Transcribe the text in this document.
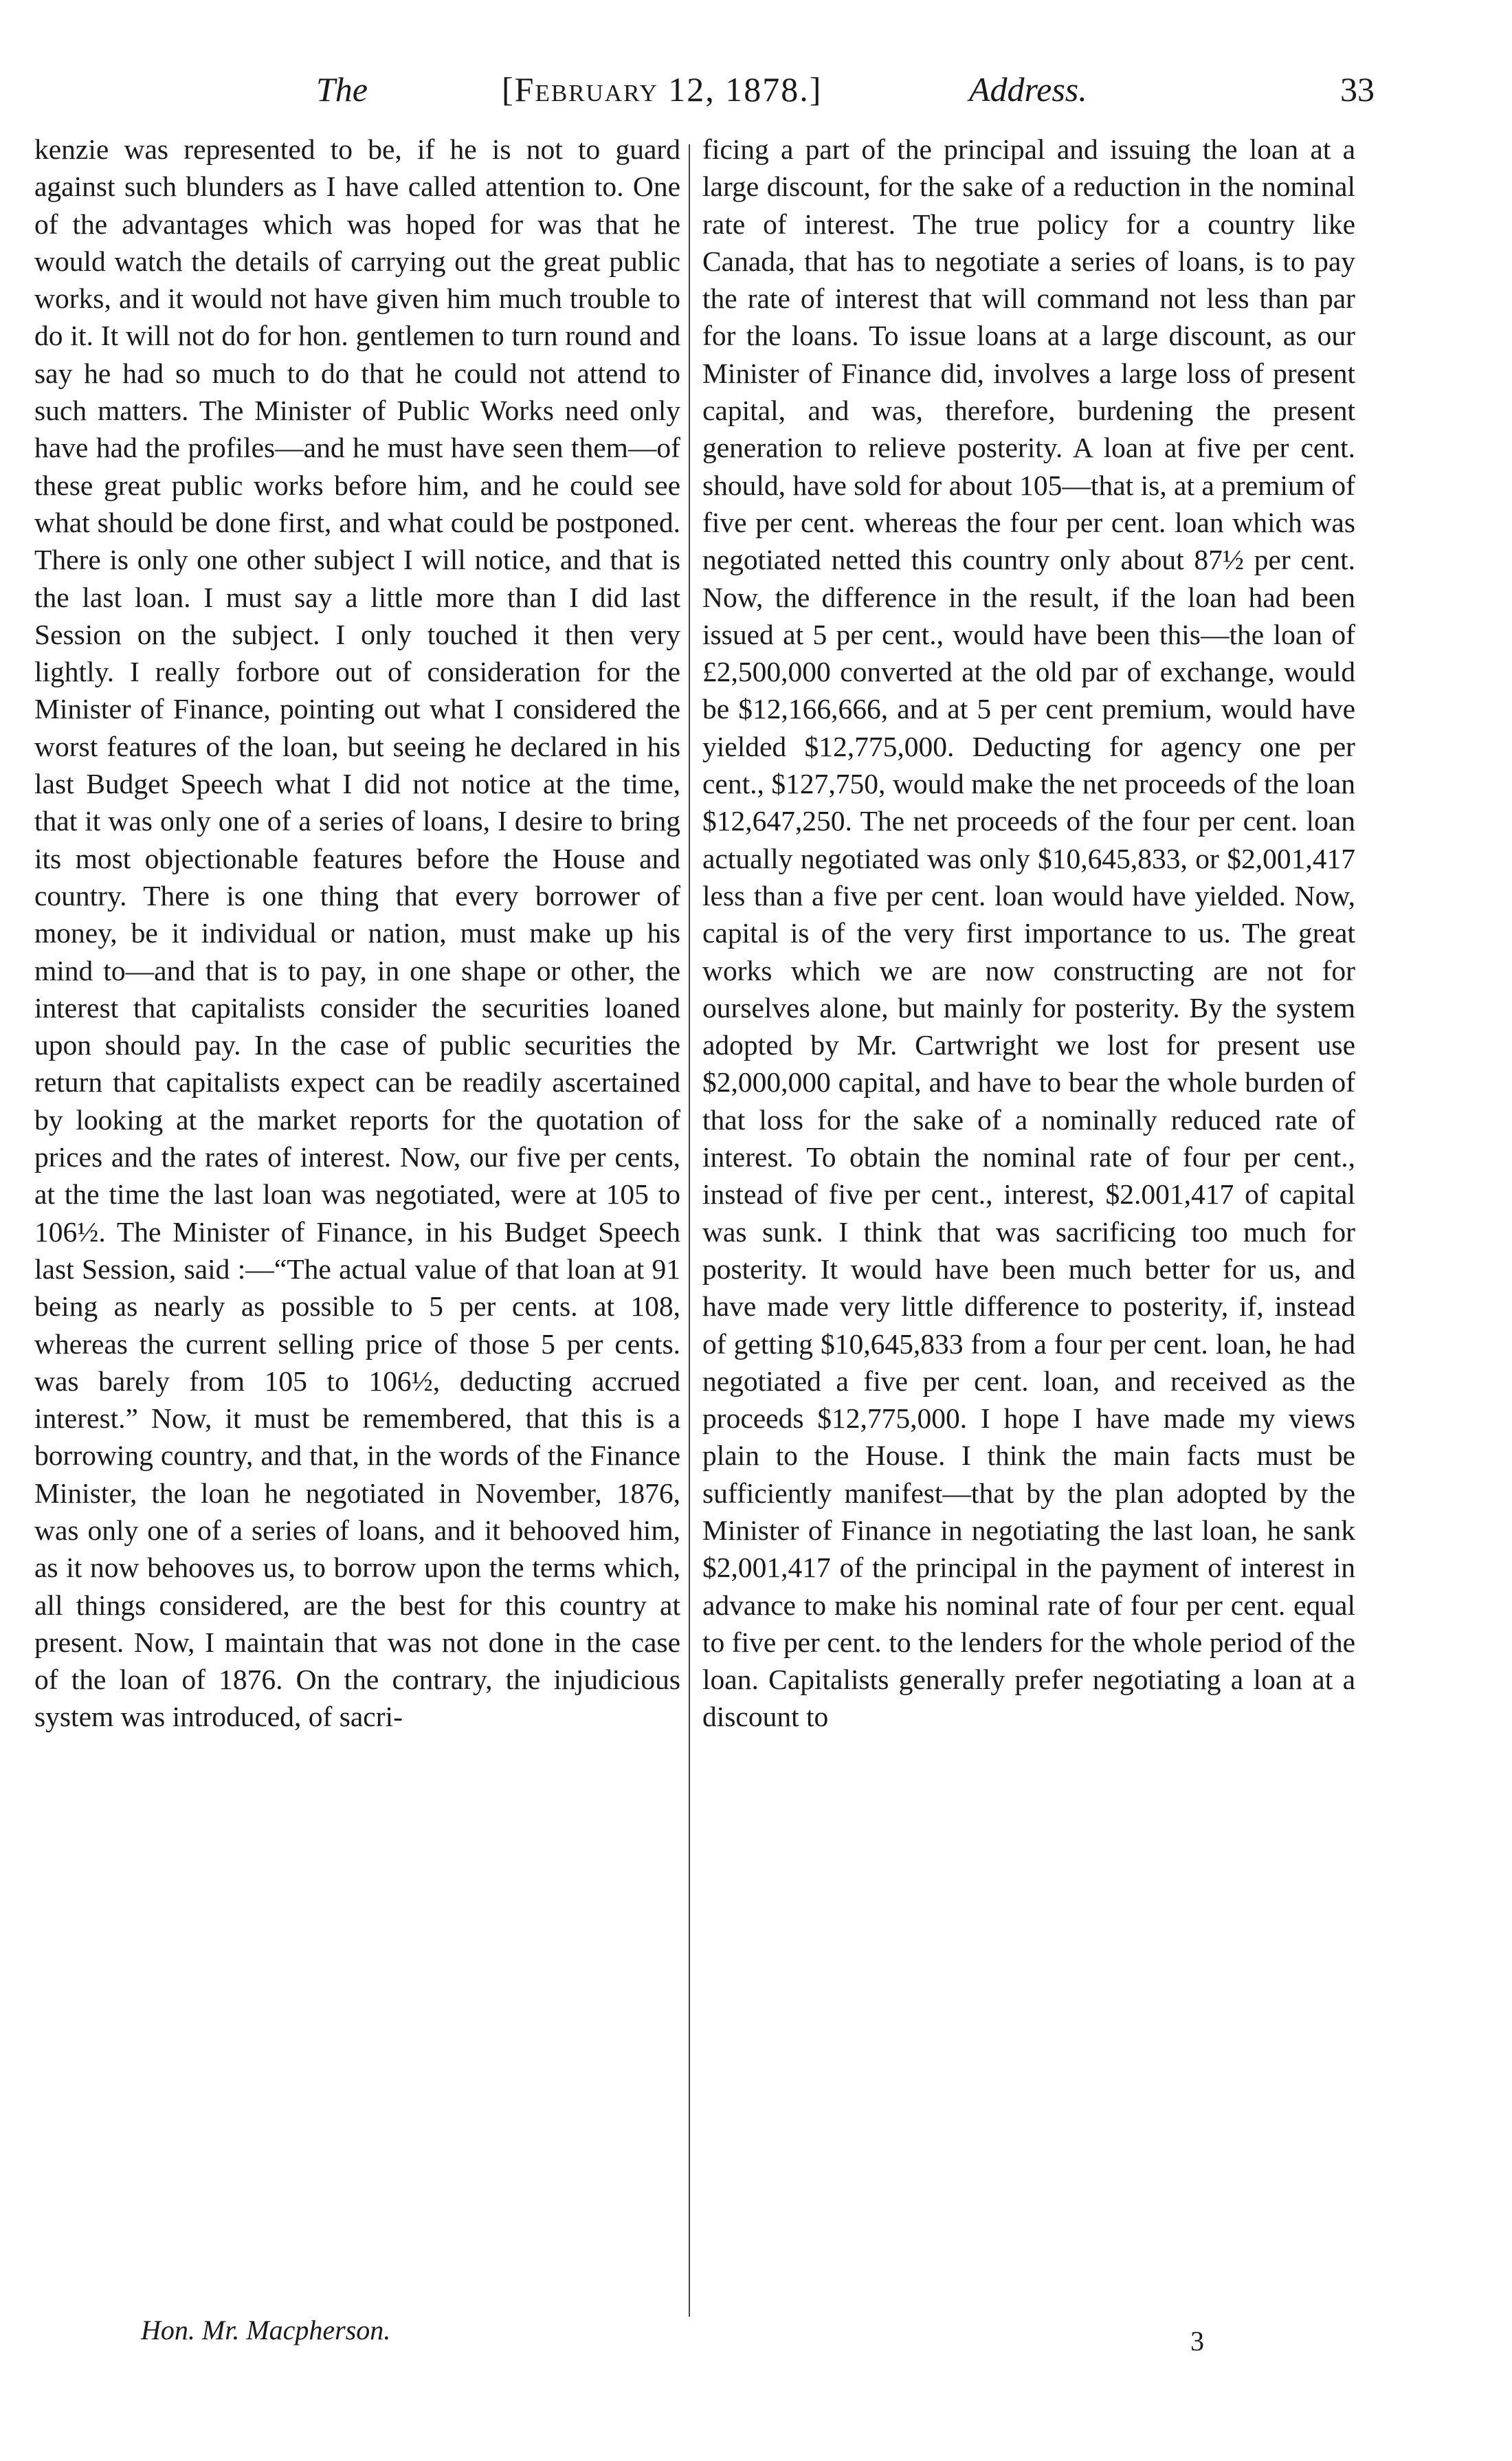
The	[February 12, 1878.]	Address.	33

kenzie was represented to be, if he is not to guard against such blunders as I have called attention to. One of the advantages which was hoped for was that he would watch the details of carrying out the great public works, and it would not have given him much trouble to do it. It will not do for hon. gentlemen to turn round and say he had so much to do that he could not attend to such matters. The Minister of Public Works need only have had the profiles—and he must have seen them—of these great public works before him, and he could see what should be done first, and what could be postponed. There is only one other subject I will notice, and that is the last loan. I must say a little more than I did last Session on the subject. I only touched it then very lightly. I really forbore out of consideration for the Minister of Finance, pointing out what I considered the worst features of the loan, but seeing he declared in his last Budget Speech what I did not notice at the time, that it was only one of a series of loans, I desire to bring its most objectionable features before the House and country. There is one thing that every borrower of money, be it individual or nation, must make up his mind to—and that is to pay, in one shape or other, the interest that capitalists consider the securities loaned upon should pay. In the case of public securities the return that capitalists expect can be readily ascertained by looking at the market reports for the quotation of prices and the rates of interest. Now, our five per cents, at the time the last loan was negotiated, were at 105 to 106½. The Minister of Finance, in his Budget Speech last Session, said :—“The actual value of that loan at 91 being as nearly as possible to 5 per cents. at 108, whereas the current selling price of those 5 per cents. was barely from 105 to 106½, deducting accrued interest.” Now, it must be remembered, that this is a borrowing country, and that, in the words of the Finance Minister, the loan he negotiated in November, 1876, was only one of a series of loans, and it behooved him, as it now behooves us, to borrow upon the terms which, all things considered, are the best for this country at present. Now, I maintain that was not done in the case of the loan of 1876. On the contrary, the injudicious system was introduced, of sacri-

ficing a part of the principal and issuing the loan at a large discount, for the sake of a reduction in the nominal rate of interest. The true policy for a country like Canada, that has to negotiate a series of loans, is to pay the rate of interest that will command not less than par for the loans. To issue loans at a large discount, as our Minister of Finance did, involves a large loss of present capital, and was, therefore, burdening the present generation to relieve posterity. A loan at five per cent. should, have sold for about 105—that is, at a premium of five per cent. whereas the four per cent. loan which was negotiated netted this country only about 87½ per cent. Now, the difference in the result, if the loan had been issued at 5 per cent., would have been this—the loan of £2,500,000 converted at the old par of exchange, would be $12,166,666, and at 5 per cent premium, would have yielded $12,775,000. Deducting for agency one per cent., $127,750, would make the net proceeds of the loan $12,647,250. The net proceeds of the four per cent. loan actually negotiated was only $10,645,833, or $2,001,417 less than a five per cent. loan would have yielded. Now, capital is of the very first importance to us. The great works which we are now constructing are not for ourselves alone, but mainly for posterity. By the system adopted by Mr. Cartwright we lost for present use $2,000,000 capital, and have to bear the whole burden of that loss for the sake of a nominally reduced rate of interest. To obtain the nominal rate of four per cent., instead of five per cent., interest, $2.001,417 of capital was sunk. I think that was sacrificing too much for posterity. It would have been much better for us, and have made very little difference to posterity, if, instead of getting $10,645,833 from a four per cent. loan, he had negotiated a five per cent. loan, and received as the proceeds $12,775,000. I hope I have made my views plain to the House. I think the main facts must be sufficiently manifest—that by the plan adopted by the Minister of Finance in negotiating the last loan, he sank $2,001,417 of the principal in the payment of interest in advance to make his nominal rate of four per cent. equal to five per cent. to the lenders for the whole period of the loan. Capitalists generally prefer negotiating a loan at a discount to

Hon. Mr. Macpherson.	3
